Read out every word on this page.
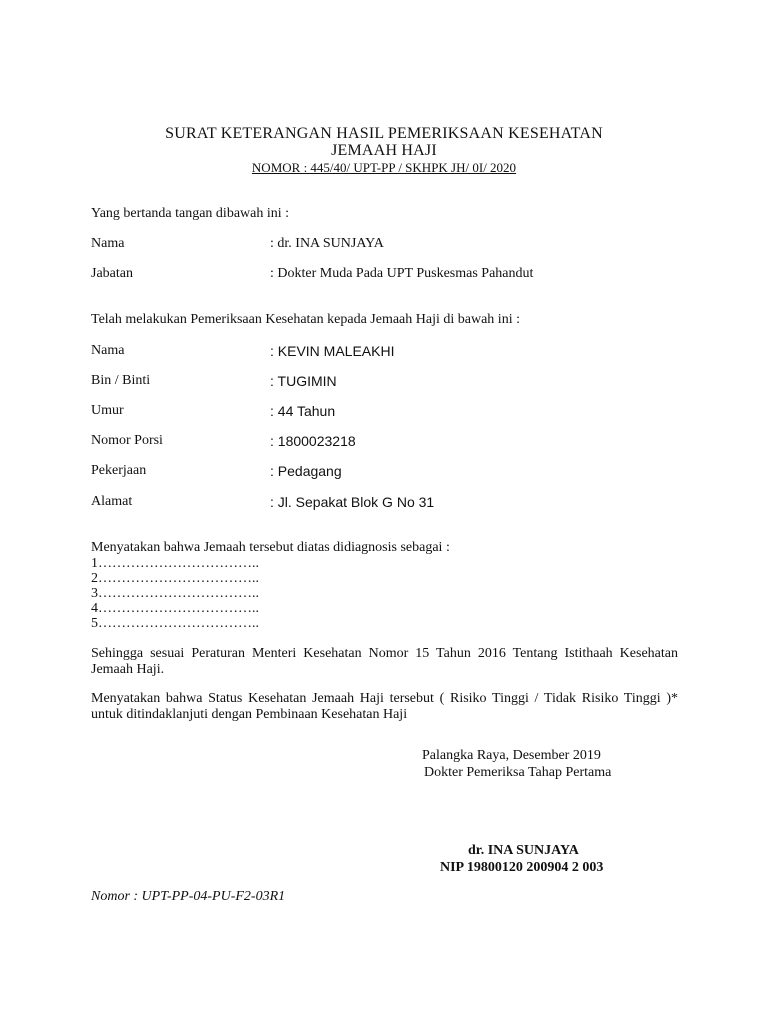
SURAT KETERANGAN HASIL PEMERIKSAAN KESEHATAN
JEMAAH HAJI
NOMOR : 445/40/ UPT-PP / SKHPK JH/ 0I/ 2020
Yang bertanda tangan dibawah ini :
Nama	: dr. INA SUNJAYA
Jabatan	: Dokter Muda Pada UPT Puskesmas Pahandut
Telah melakukan Pemeriksaan Kesehatan kepada Jemaah Haji di bawah ini :
Nama	: KEVIN MALEAKHI
Bin / Binti	: TUGIMIN
Umur	: 44 Tahun
Nomor Porsi	: 1800023218
Pekerjaan	: Pedagang
Alamat	: Jl. Sepakat Blok G No 31
Menyatakan bahwa Jemaah tersebut diatas didiagnosis sebagai :
1……………………………..
2……………………………..
3……………………………..
4……………………………..
5……………………………..
Sehingga sesuai Peraturan Menteri Kesehatan Nomor 15 Tahun 2016 Tentang Istithaah Kesehatan Jemaah Haji.
Menyatakan bahwa Status Kesehatan Jemaah Haji tersebut ( Risiko Tinggi / Tidak Risiko Tinggi )* untuk ditindaklanjuti dengan Pembinaan Kesehatan Haji
Palangka Raya, Desember 2019
Dokter Pemeriksa Tahap Pertama
dr. INA SUNJAYA
NIP 19800120 200904 2 003
Nomor : UPT-PP-04-PU-F2-03R1
